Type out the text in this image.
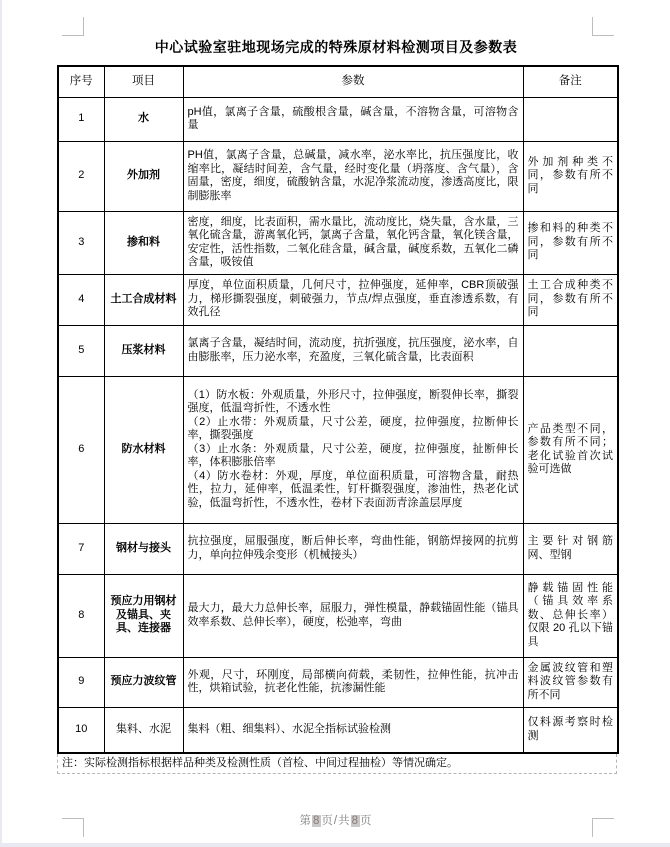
中心试验室驻地现场完成的特殊原材料检测项目及参数表
序号	项目	参数	备注
1	水	pH值，氯离子含量，硫酸根含量，碱含量，不溶物含量，可溶物含量	

2	外加剂	PH值，氯离子含量，总碱量，减水率，泌水率比，抗压强度比，收缩率比，凝结时间差，含气量，经时变化量（坍落度、含气量），含固量，密度，细度，硫酸钠含量，水泥净浆流动度，渗透高度比，限制膨胀率	外加剂种类不同，参数有所不同
3	掺和料	密度，细度，比表面积，需水量比，流动度比，烧失量，含水量，三氧化硫含量，游离氧化钙，氯离子含量，氧化钙含量，氧化镁含量，安定性，活性指数，二氧化硅含量，碱含量，碱度系数，五氧化二磷含量，吸铵值	掺和料的种类不同，参数有所不同
4	土工合成材料	厚度，单位面积质量，几何尺寸，拉伸强度，延伸率，CBR顶破强力，梯形撕裂强度，刺破强力，节点/焊点强度，垂直渗透系数，有效孔径	土工合成种类不同，参数有所不同
5	压浆材料	氯离子含量，凝结时间，流动度，抗折强度，抗压强度，泌水率，自由膨胀率，压力泌水率，充盈度，三氧化硫含量，比表面积	

6	防水材料	（1）防水板：外观质量，外形尺寸，拉伸强度，断裂伸长率，撕裂强度，低温弯折性，不透水性
（2）止水带：外观质量，尺寸公差，硬度，拉伸强度，拉断伸长率，撕裂强度
（3）止水条：外观质量，尺寸公差，硬度，拉伸强度，扯断伸长率，体积膨胀倍率
（4）防水卷材：外观，厚度，单位面积质量，可溶物含量，耐热性，拉力，延伸率，低温柔性，钉杆撕裂强度，渗油性，热老化试验，低温弯折性，不透水性，卷材下表面沥青涂盖层厚度	产品类型不同，参数有所不同；老化试验首次试验可选做
7	钢材与接头	抗拉强度，屈服强度，断后伸长率，弯曲性能，钢筋焊接网的抗剪力，单向拉伸残余变形（机械接头）	主要针对钢筋网、型钢
8	预应力用钢材及锚具、夹具、连接器	最大力，最大力总伸长率，屈服力，弹性模量，静载锚固性能（锚具效率系数、总伸长率），硬度，松弛率，弯曲	静载锚固性能（锚具效率系数、总伸长率）仅限 20 孔以下锚具
9	预应力波纹管	外观，尺寸，环刚度，局部横向荷载，柔韧性，拉伸性能，抗冲击性，烘箱试验，抗老化性能，抗渗漏性能	金属波纹管和塑料波纹管参数有所不同
10	集料、水泥	集料（粗、细集料）、水泥全指标试验检测	仅料源考察时检测
注：实际检测指标根据样品种类及检测性质（首检、中间过程抽检）等情况确定。
第8页/共8页
